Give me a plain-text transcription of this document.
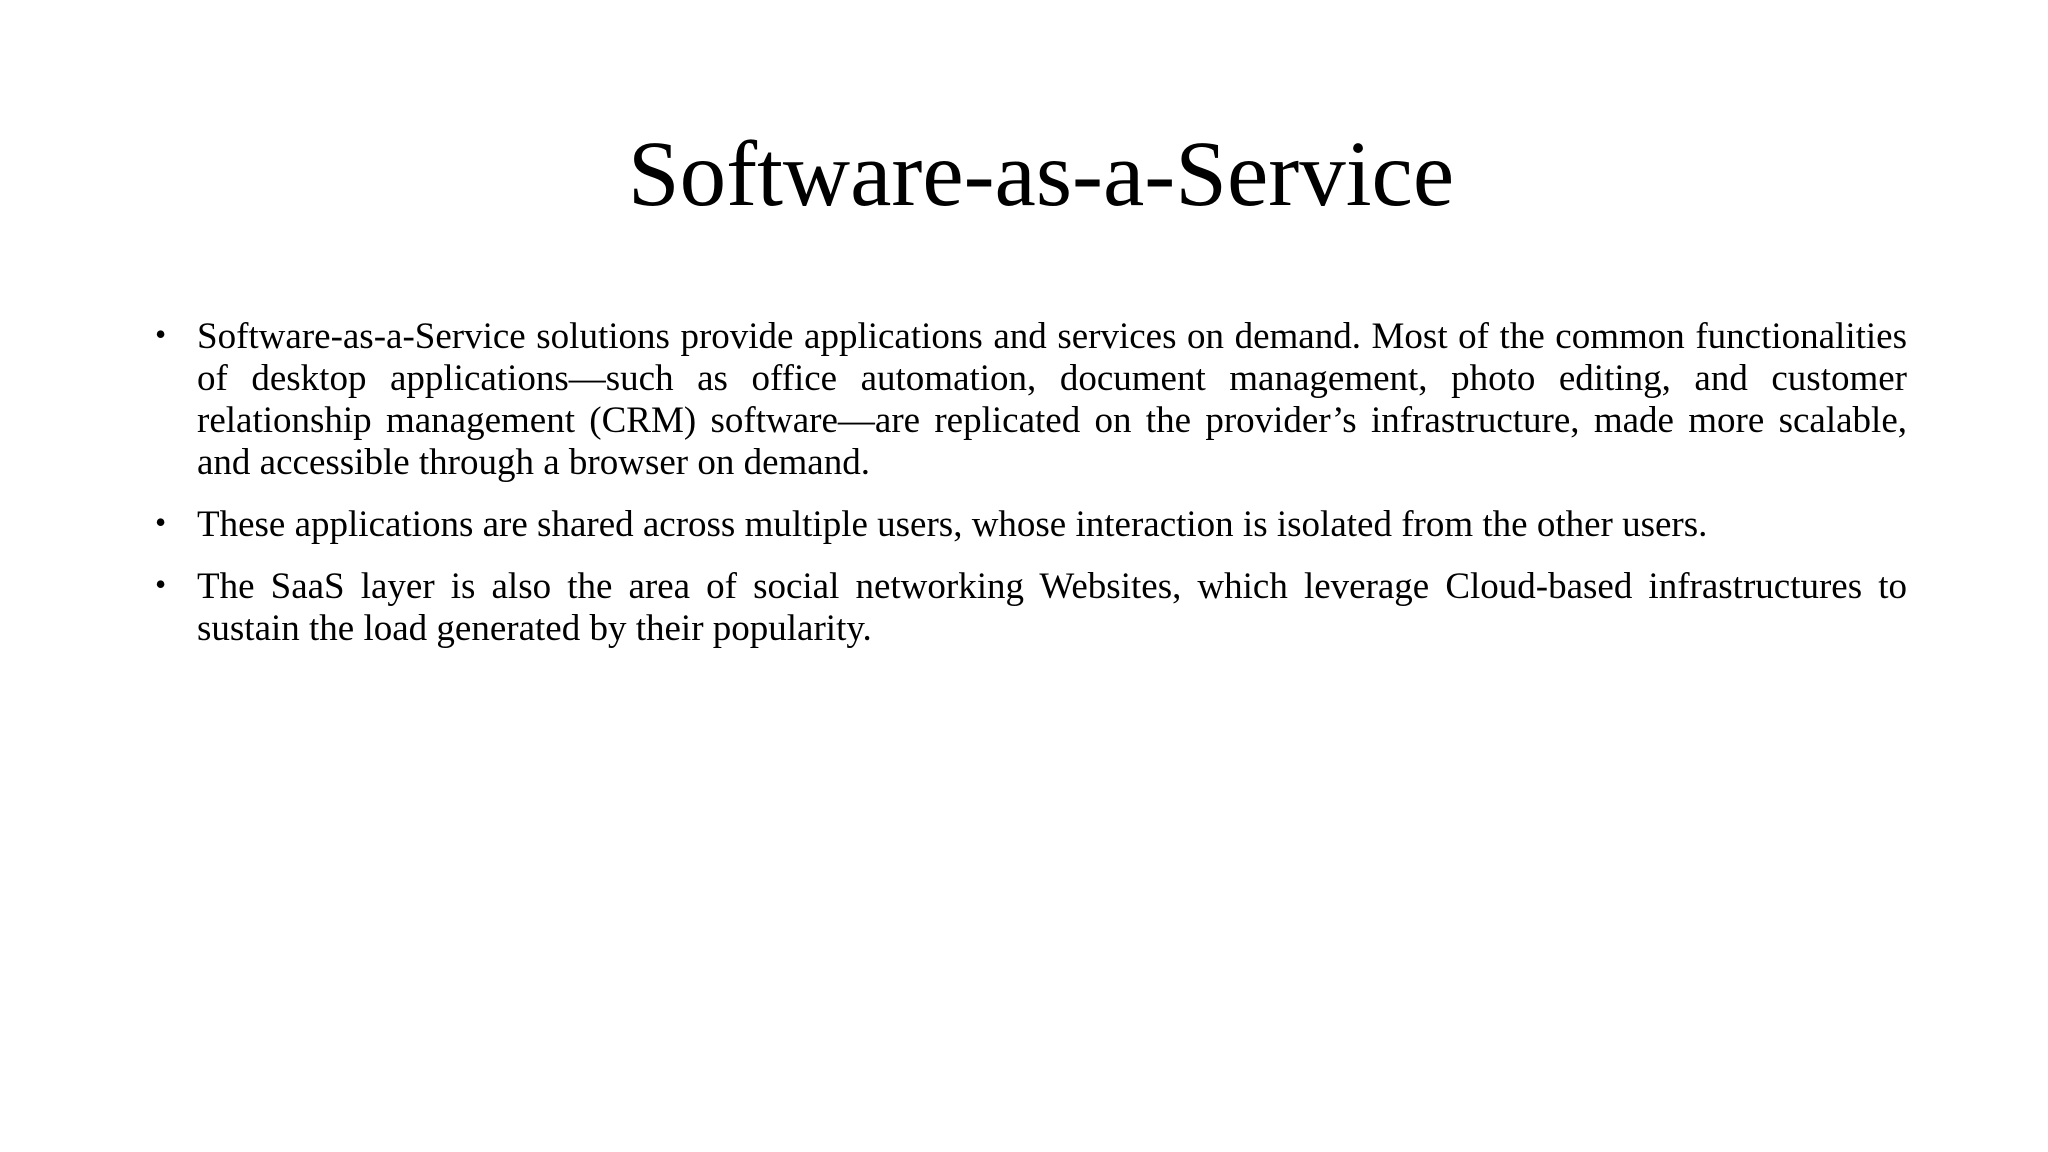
Software-as-a-Service
• Software-as-a-Service solutions provide applications and services on demand. Most of the common functionalities of desktop applications—such as office automation, document management, photo editing, and customer relationship management (CRM) software—are replicated on the provider’s infrastructure, made more scalable, and accessible through a browser on demand.
• These applications are shared across multiple users, whose interaction is isolated from the other users.
• The SaaS layer is also the area of social networking Websites, which leverage Cloud-based infrastructures to sustain the load generated by their popularity.
